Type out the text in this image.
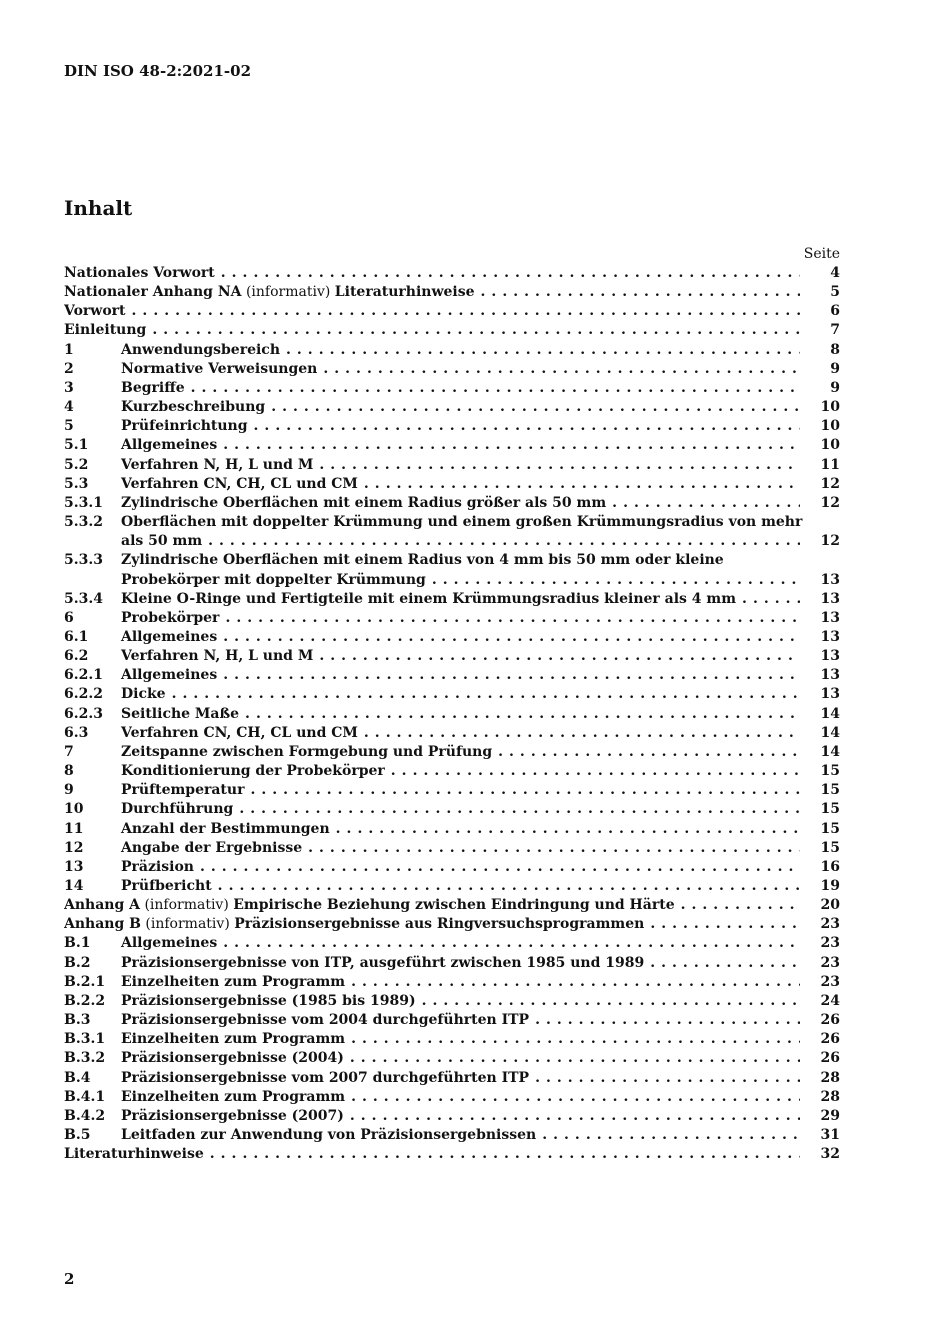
DIN ISO 48-2:2021-02
Inhalt
Seite
Nationales Vorwort . . .	4
Nationaler Anhang NA (informativ) Literaturhinweise . . .	5
Vorwort . . .	6
Einleitung . . .	7
1	Anwendungsbereich . . .	8
2	Normative Verweisungen . . .	9
3	Begriffe . . .	9
4	Kurzbeschreibung . . .	10
5	Prüfeinrichtung . . .	10
5.1	Allgemeines . . .	10
5.2	Verfahren N, H, L und M . . .	11
5.3	Verfahren CN, CH, CL und CM . . .	12
5.3.1	Zylindrische Oberflächen mit einem Radius größer als 50 mm . . .	12
5.3.2	Oberflächen mit doppelter Krümmung und einem großen Krümmungsradius von mehr
als 50 mm . . .	12
5.3.3	Zylindrische Oberflächen mit einem Radius von 4 mm bis 50 mm oder kleine
Probekörper mit doppelter Krümmung . . .	13
5.3.4	Kleine O-Ringe und Fertigteile mit einem Krümmungsradius kleiner als 4 mm . . .	13
6	Probekörper . . .	13
6.1	Allgemeines . . .	13
6.2	Verfahren N, H, L und M . . .	13
6.2.1	Allgemeines . . .	13
6.2.2	Dicke . . .	13
6.2.3	Seitliche Maße . . .	14
6.3	Verfahren CN, CH, CL und CM . . .	14
7	Zeitspanne zwischen Formgebung und Prüfung . . .	14
8	Konditionierung der Probekörper . . .	15
9	Prüftemperatur . . .	15
10	Durchführung . . .	15
11	Anzahl der Bestimmungen . . .	15
12	Angabe der Ergebnisse . . .	15
13	Präzision . . .	16
14	Prüfbericht . . .	19
Anhang A (informativ) Empirische Beziehung zwischen Eindringung und Härte . . .	20
Anhang B (informativ) Präzisionsergebnisse aus Ringversuchsprogrammen . . .	23
B.1	Allgemeines . . .	23
B.2	Präzisionsergebnisse von ITP, ausgeführt zwischen 1985 und 1989 . . .	23
B.2.1	Einzelheiten zum Programm . . .	23
B.2.2	Präzisionsergebnisse (1985 bis 1989) . . .	24
B.3	Präzisionsergebnisse vom 2004 durchgeführten ITP . . .	26
B.3.1	Einzelheiten zum Programm . . .	26
B.3.2	Präzisionsergebnisse (2004) . . .	26
B.4	Präzisionsergebnisse vom 2007 durchgeführten ITP . . .	28
B.4.1	Einzelheiten zum Programm . . .	28
B.4.2	Präzisionsergebnisse (2007) . . .	29
B.5	Leitfaden zur Anwendung von Präzisionsergebnissen . . .	31
Literaturhinweise . . .	32
2
